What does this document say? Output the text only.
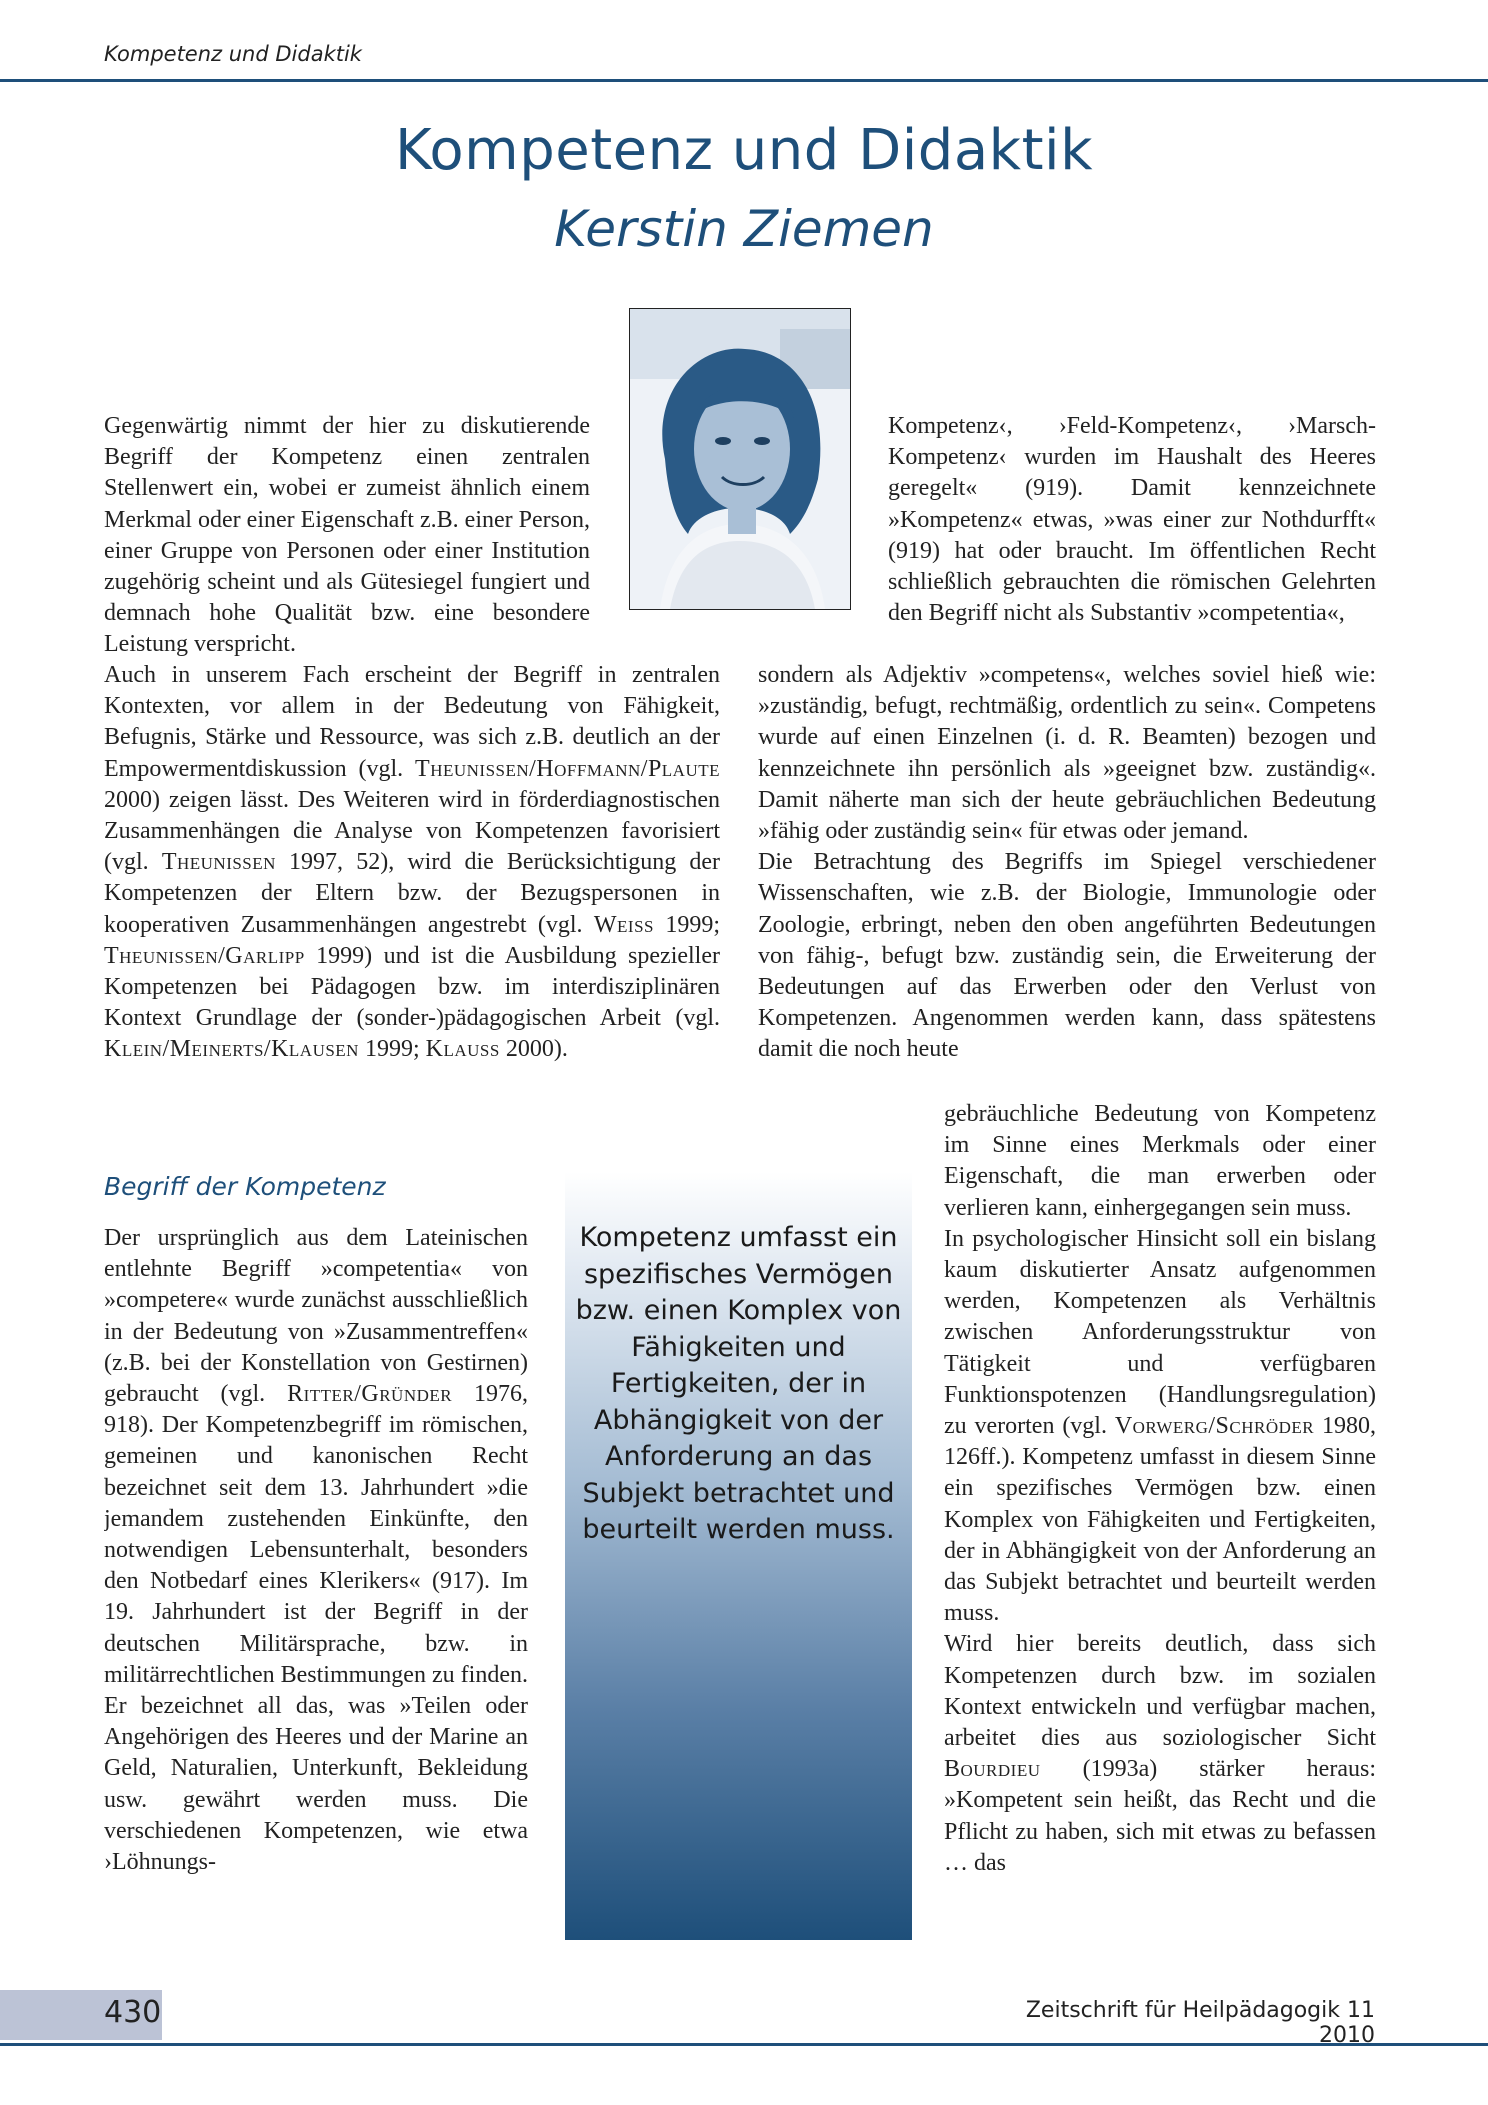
Kompetenz und Didaktik
Kompetenz und Didaktik
Kerstin Ziemen

Gegenwärtig nimmt der hier zu diskutierende Begriff der Kompetenz einen zentralen Stellenwert ein, wobei er zumeist ähnlich einem Merkmal oder einer Eigenschaft z.B. einer Person, einer Gruppe von Personen oder einer Institution zugehörig scheint und als Gütesiegel fungiert und demnach hohe Qualität bzw. eine besondere Leistung verspricht.

Auch in unserem Fach erscheint der Begriff in zentralen Kontexten, vor allem in der Bedeutung von Fähigkeit, Befugnis, Stärke und Ressource, was sich z.B. deutlich an der Empowermentdiskussion (vgl. Theunissen/Hoffmann/Plaute 2000) zeigen lässt. Des Weiteren wird in förderdiagnostischen Zusammenhängen die Analyse von Kompetenzen favorisiert (vgl. Theunissen 1997, 52), wird die Berücksichtigung der Kompetenzen der Eltern bzw. der Bezugspersonen in kooperativen Zusammenhängen angestrebt (vgl. Weiss 1999; Theunissen/Garlipp 1999) und ist die Ausbildung spezieller Kompetenzen bei Pädagogen bzw. im interdisziplinären Kontext Grundlage der (sonder-)pädagogischen Arbeit (vgl. Klein/Meinerts/Klausen 1999; Klauss 2000).

Begriff der Kompetenz

Der ursprünglich aus dem Lateinischen entlehnte Begriff »competentia« von »competere« wurde zunächst ausschließlich in der Bedeutung von »Zusammentreffen« (z.B. bei der Konstellation von Gestirnen) gebraucht (vgl. Ritter/Gründer 1976, 918). Der Kompetenzbegriff im römischen, gemeinen und kanonischen Recht bezeichnet seit dem 13. Jahrhundert »die jemandem zustehenden Einkünfte, den notwendigen Lebensunterhalt, besonders den Notbedarf eines Klerikers« (917). Im 19. Jahrhundert ist der Begriff in der deutschen Militärsprache, bzw. in militärrechtlichen Bestimmungen zu finden. Er bezeichnet all das, was »Teilen oder Angehörigen des Heeres und der Marine an Geld, Naturalien, Unterkunft, Bekleidung usw. gewährt werden muss. Die verschiedenen Kompetenzen, wie etwa ›Löhnungs-

Kompetenz umfasst ein spezifisches Vermögen bzw. einen Komplex von Fähigkeiten und Fertigkeiten, der in Abhängigkeit von der Anforderung an das Subjekt betrachtet und beurteilt werden muss.

Kompetenz‹, ›Feld-Kompetenz‹, ›Marsch-Kompetenz‹ wurden im Haushalt des Heeres geregelt« (919). Damit kennzeichnete »Kompetenz« etwas, »was einer zur Nothdurfft« (919) hat oder braucht. Im öffentlichen Recht schließlich gebrauchten die römischen Gelehrten den Begriff nicht als Substantiv »competentia«,

sondern als Adjektiv »competens«, welches soviel hieß wie: »zuständig, befugt, rechtmäßig, ordentlich zu sein«. Competens wurde auf einen Einzelnen (i. d. R. Beamten) bezogen und kennzeichnete ihn persönlich als »geeignet bzw. zuständig«. Damit näherte man sich der heute gebräuchlichen Bedeutung »fähig oder zuständig sein« für etwas oder jemand.

Die Betrachtung des Begriffs im Spiegel verschiedener Wissenschaften, wie z.B. der Biologie, Immunologie oder Zoologie, erbringt, neben den oben angeführten Bedeutungen von fähig-, befugt bzw. zuständig sein, die Erweiterung der Bedeutungen auf das Erwerben oder den Verlust von Kompetenzen. Angenommen werden kann, dass spätestens damit die noch heute

gebräuchliche Bedeutung von Kompetenz im Sinne eines Merkmals oder einer Eigenschaft, die man erwerben oder verlieren kann, einhergegangen sein muss.

In psychologischer Hinsicht soll ein bislang kaum diskutierter Ansatz aufgenommen werden, Kompetenzen als Verhältnis zwischen Anforderungsstruktur von Tätigkeit und verfügbaren Funktionspotenzen (Handlungsregulation) zu verorten (vgl. Vorwerg/Schröder 1980, 126ff.). Kompetenz umfasst in diesem Sinne ein spezifisches Vermögen bzw. einen Komplex von Fähigkeiten und Fertigkeiten, der in Abhängigkeit von der Anforderung an das Subjekt betrachtet und beurteilt werden muss.

Wird hier bereits deutlich, dass sich Kompetenzen durch bzw. im sozialen Kontext entwickeln und verfügbar machen, arbeitet dies aus soziologischer Sicht Bourdieu (1993a) stärker heraus: »Kompetent sein heißt, das Recht und die Pflicht zu haben, sich mit etwas zu befassen … das

430	Zeitschrift für Heilpädagogik 11 2010
